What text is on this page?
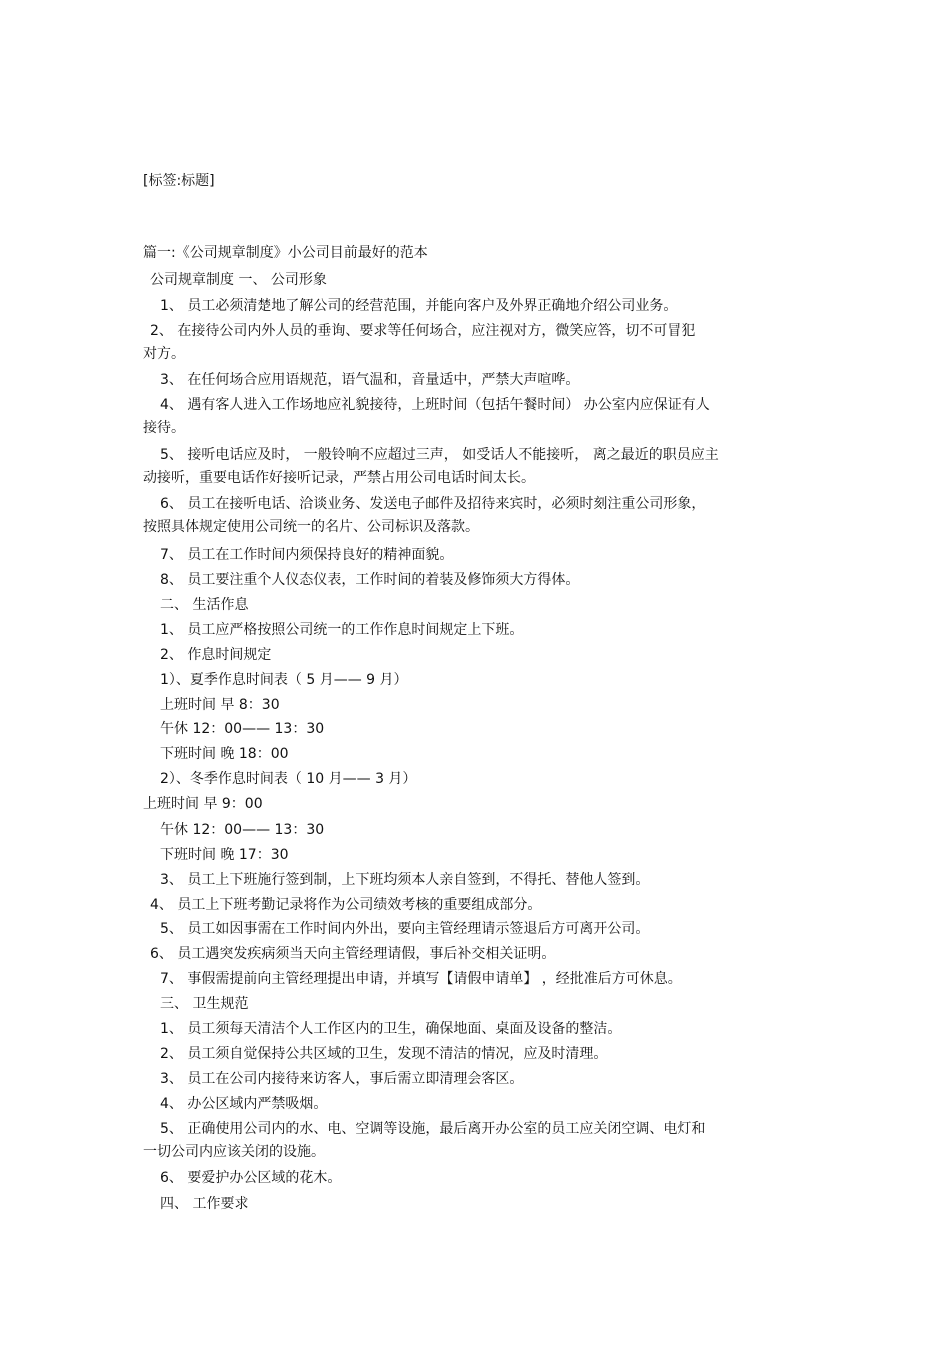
[标签:标题]
篇一:《公司规章制度》小公司目前最好的范本
公司规章制度 一、 公司形象
1、 员工必须清楚地了解公司的经营范围，并能向客户及外界正确地介绍公司业务。
2、 在接待公司内外人员的垂询、要求等任何场合，应注视对方，微笑应答，切不可冒犯
对方。
3、 在任何场合应用语规范，语气温和，音量适中，严禁大声喧哗。
4、 遇有客人进入工作场地应礼貌接待，上班时间（包括午餐时间） 办公室内应保证有人
接待。
5、 接听电话应及时， 一般铃响不应超过三声， 如受话人不能接听， 离之最近的职员应主
动接听，重要电话作好接听记录，严禁占用公司电话时间太长。
6、 员工在接听电话、洽谈业务、发送电子邮件及招待来宾时，必须时刻注重公司形象，
按照具体规定使用公司统一的名片、公司标识及落款。
7、 员工在工作时间内须保持良好的精神面貌。
8、 员工要注重个人仪态仪表，工作时间的着装及修饰须大方得体。
二、 生活作息
1、 员工应严格按照公司统一的工作作息时间规定上下班。
2、 作息时间规定
1）、夏季作息时间表（ 5 月—— 9 月）
上班时间 早 8：30
午休 12：00—— 13：30
下班时间 晚 18：00
2）、冬季作息时间表（ 10 月—— 3 月）
上班时间 早 9：00
午休 12：00—— 13：30
下班时间 晚 17：30
3、 员工上下班施行签到制，上下班均须本人亲自签到，不得托、替他人签到。
4、 员工上下班考勤记录将作为公司绩效考核的重要组成部分。
5、 员工如因事需在工作时间内外出，要向主管经理请示签退后方可离开公司。
6、 员工遇突发疾病须当天向主管经理请假，事后补交相关证明。
7、 事假需提前向主管经理提出申请，并填写【请假申请单】 ，经批准后方可休息。
三、 卫生规范
1、 员工须每天清洁个人工作区内的卫生，确保地面、桌面及设备的整洁。
2、 员工须自觉保持公共区域的卫生，发现不清洁的情况，应及时清理。
3、 员工在公司内接待来访客人，事后需立即清理会客区。
4、 办公区域内严禁吸烟。
5、 正确使用公司内的水、电、空调等设施，最后离开办公室的员工应关闭空调、电灯和
一切公司内应该关闭的设施。
6、 要爱护办公区域的花木。
四、 工作要求
